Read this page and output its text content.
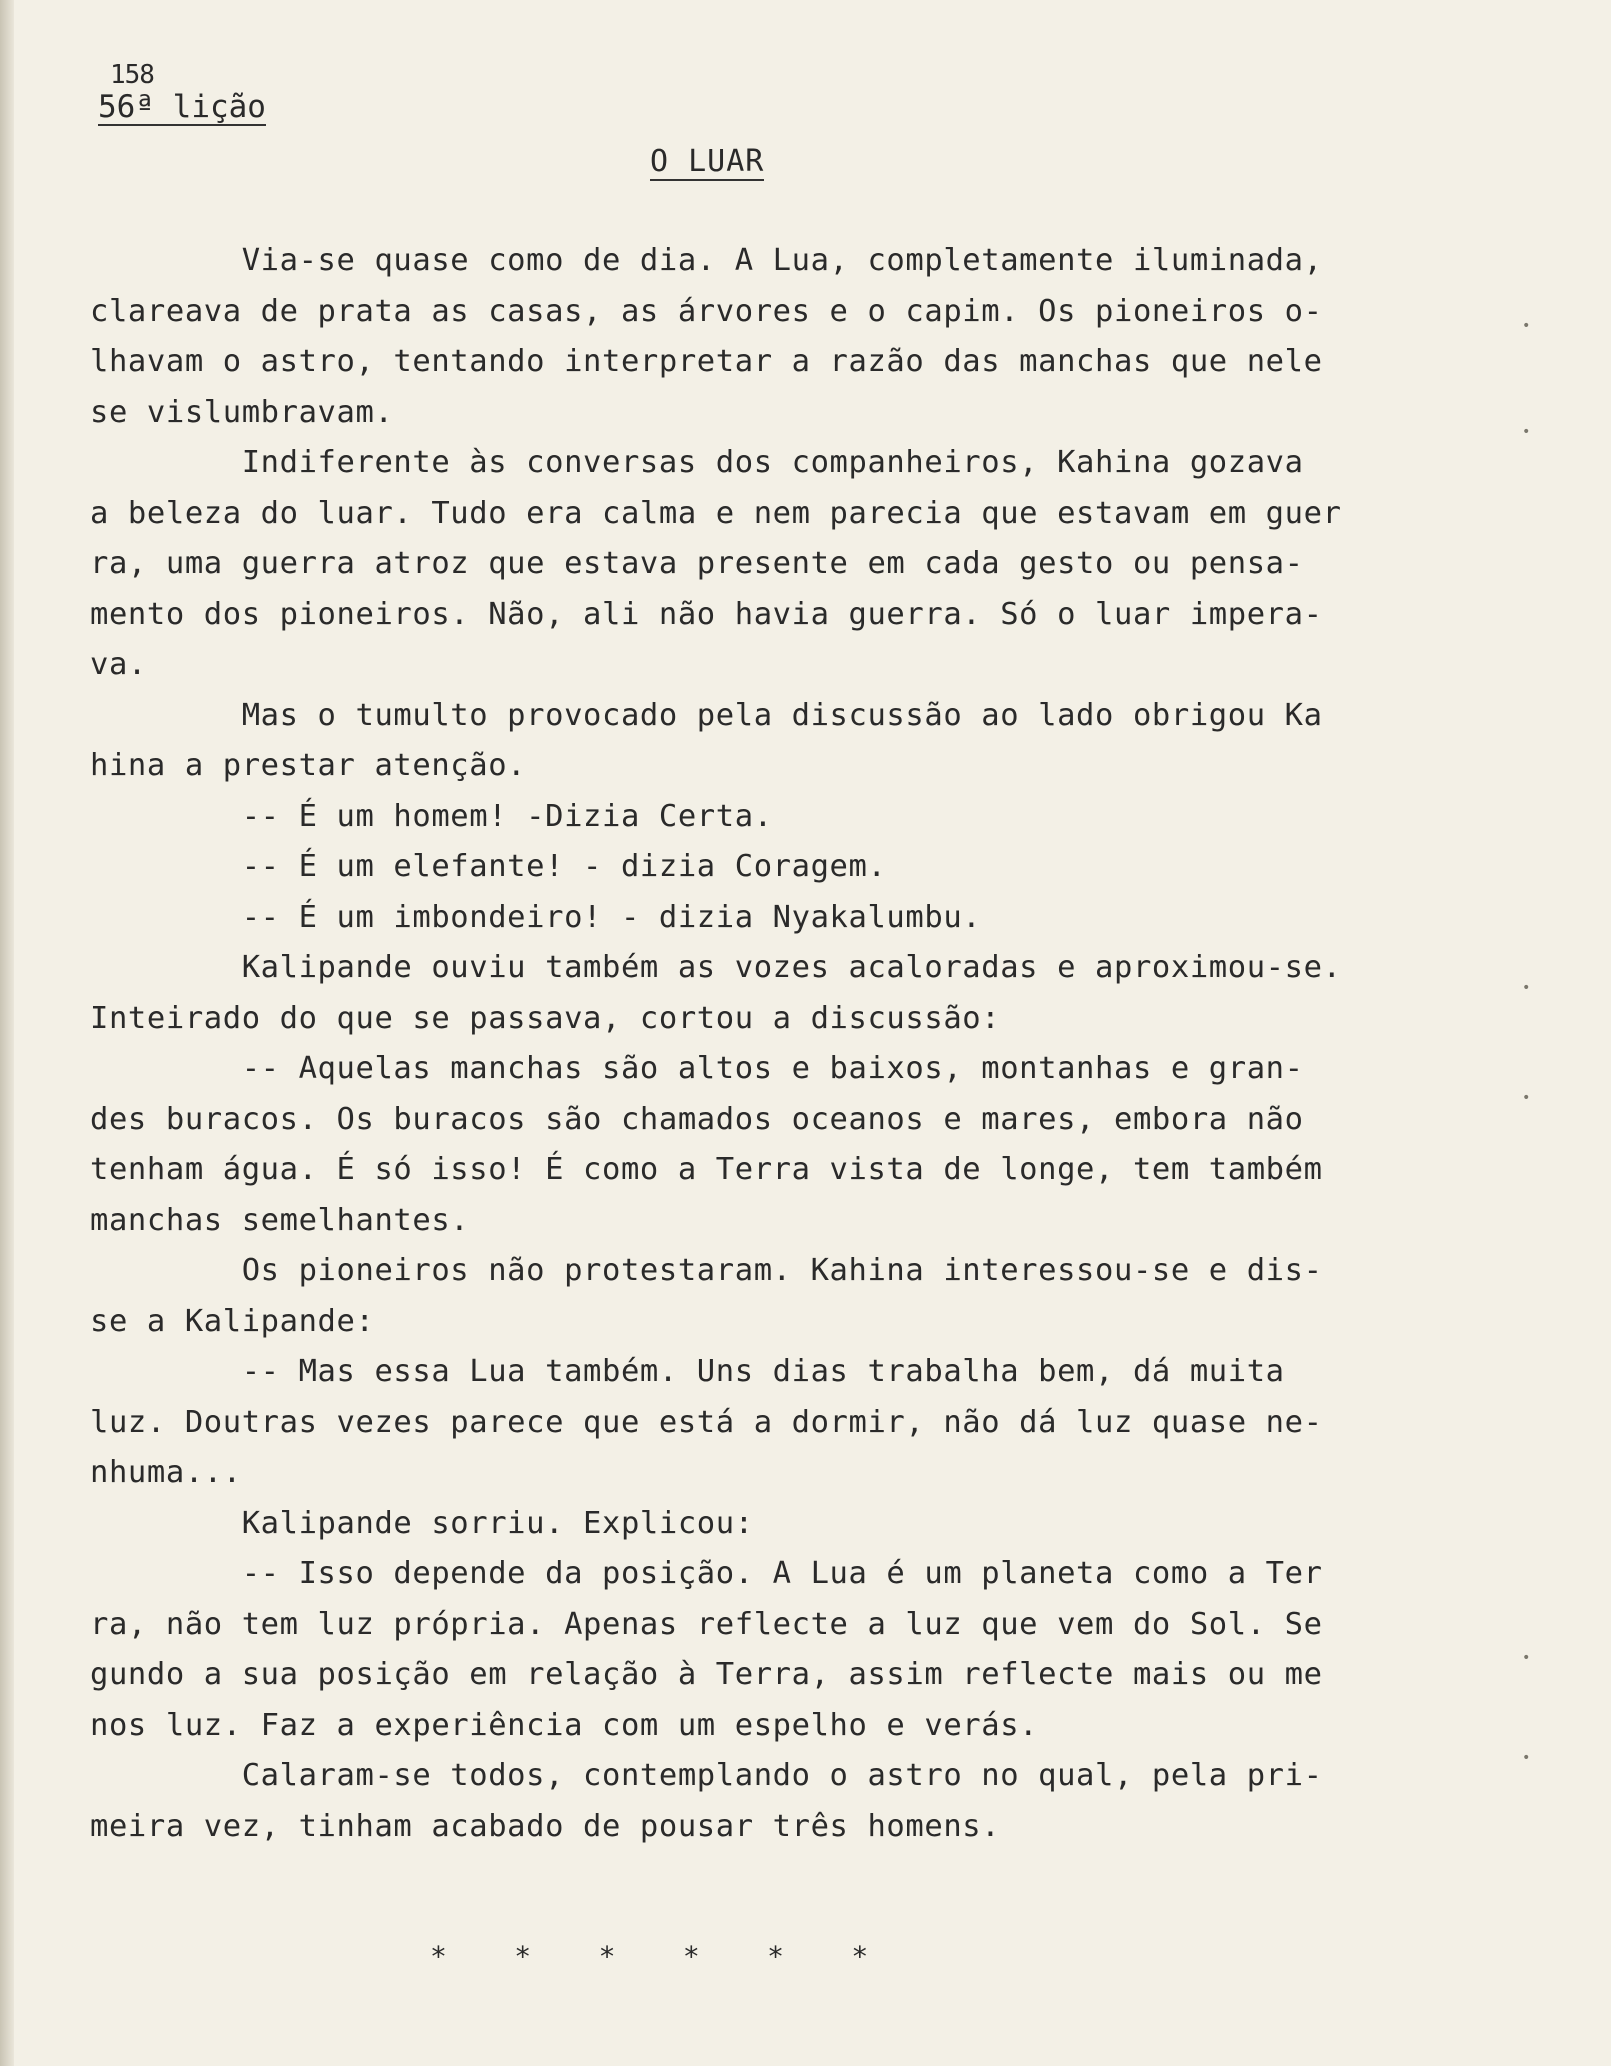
158
56ª lição
O LUAR

Via-se quase como de dia. A Lua, completamente iluminada,

clareava de prata as casas, as árvores e o capim. Os pioneiros o-

lhavam o astro, tentando interpretar a razão das manchas que nele

se vislumbravam.

Indiferente às conversas dos companheiros, Kahina gozava

a beleza do luar. Tudo era calma e nem parecia que estavam em guer

ra, uma guerra atroz que estava presente em cada gesto ou pensa-

mento dos pioneiros. Não, ali não havia guerra. Só o luar impera-

va.

Mas o tumulto provocado pela discussão ao lado obrigou Ka

hina a prestar atenção.

-- É um homem! -Dizia Certa.

-- É um elefante! - dizia Coragem.

-- É um imbondeiro! - dizia Nyakalumbu.

Kalipande ouviu também as vozes acaloradas e aproximou-se.

Inteirado do que se passava, cortou a discussão:

-- Aquelas manchas são altos e baixos, montanhas e gran-

des buracos. Os buracos são chamados oceanos e mares, embora não

tenham água. É só isso! É como a Terra vista de longe, tem também

manchas semelhantes.

Os pioneiros não protestaram. Kahina interessou-se e dis-

se a Kalipande:

-- Mas essa Lua também. Uns dias trabalha bem, dá muita

luz. Doutras vezes parece que está a dormir, não dá luz quase ne-

nhuma...

Kalipande sorriu. Explicou:

-- Isso depende da posição. A Lua é um planeta como a Ter

ra, não tem luz própria. Apenas reflecte a luz que vem do Sol. Se

gundo a sua posição em relação à Terra, assim reflecte mais ou me

nos luz. Faz a experiência com um espelho e verás.

Calaram-se todos, contemplando o astro no qual, pela pri-

meira vez, tinham acabado de pousar três homens.

*    *    *    *    *    *
•
•
•
•
•
•
